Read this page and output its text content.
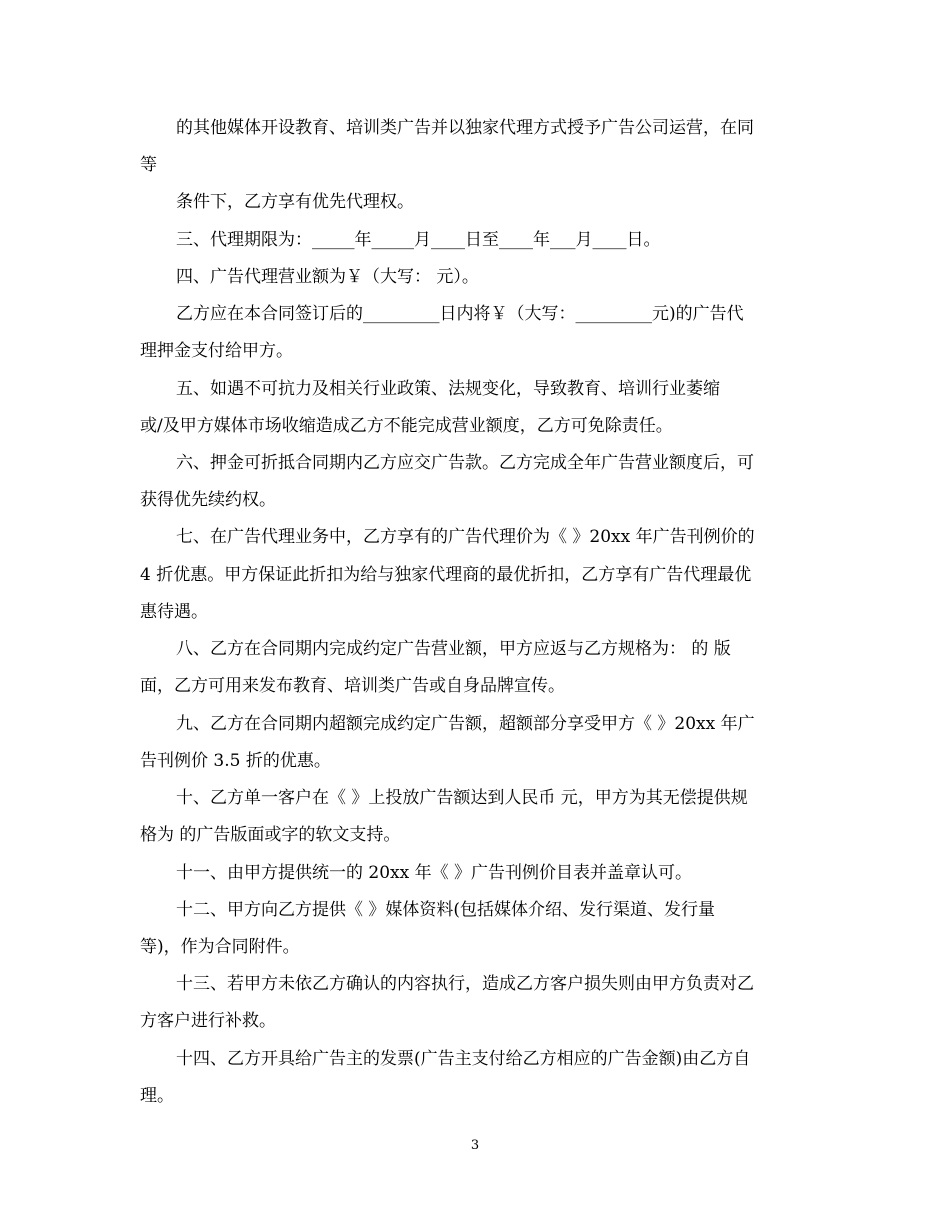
的其他媒体开设教育、培训类广告并以独家代理方式授予广告公司运营，在同
等
条件下，乙方享有优先代理权。
三、代理期限为：_____年_____月____日至____年___月____日。
四、广告代理营业额为￥（大写： 元）。
乙方应在本合同签订后的_________日内将￥（大写：_________元)的广告代
理押金支付给甲方。
五、如遇不可抗力及相关行业政策、法规变化，导致教育、培训行业萎缩
或/及甲方媒体市场收缩造成乙方不能完成营业额度，乙方可免除责任。
六、押金可折抵合同期内乙方应交广告款。乙方完成全年广告营业额度后，可
获得优先续约权。
七、在广告代理业务中，乙方享有的广告代理价为《 》20xx 年广告刊例价的
4 折优惠。甲方保证此折扣为给与独家代理商的最优折扣，乙方享有广告代理最优
惠待遇。
八、乙方在合同期内完成约定广告营业额，甲方应返与乙方规格为： 的 版
面，乙方可用来发布教育、培训类广告或自身品牌宣传。
九、乙方在合同期内超额完成约定广告额，超额部分享受甲方《 》20xx 年广
告刊例价 3.5 折的优惠。
十、乙方单一客户在《 》上投放广告额达到人民币 元，甲方为其无偿提供规
格为 的广告版面或字的软文支持。
十一、由甲方提供统一的 20xx 年《 》广告刊例价目表并盖章认可。
十二、甲方向乙方提供《 》媒体资料(包括媒体介绍、发行渠道、发行量
等)，作为合同附件。
十三、若甲方未依乙方确认的内容执行，造成乙方客户损失则由甲方负责对乙
方客户进行补救。
十四、乙方开具给广告主的发票(广告主支付给乙方相应的广告金额)由乙方自
理。
3
